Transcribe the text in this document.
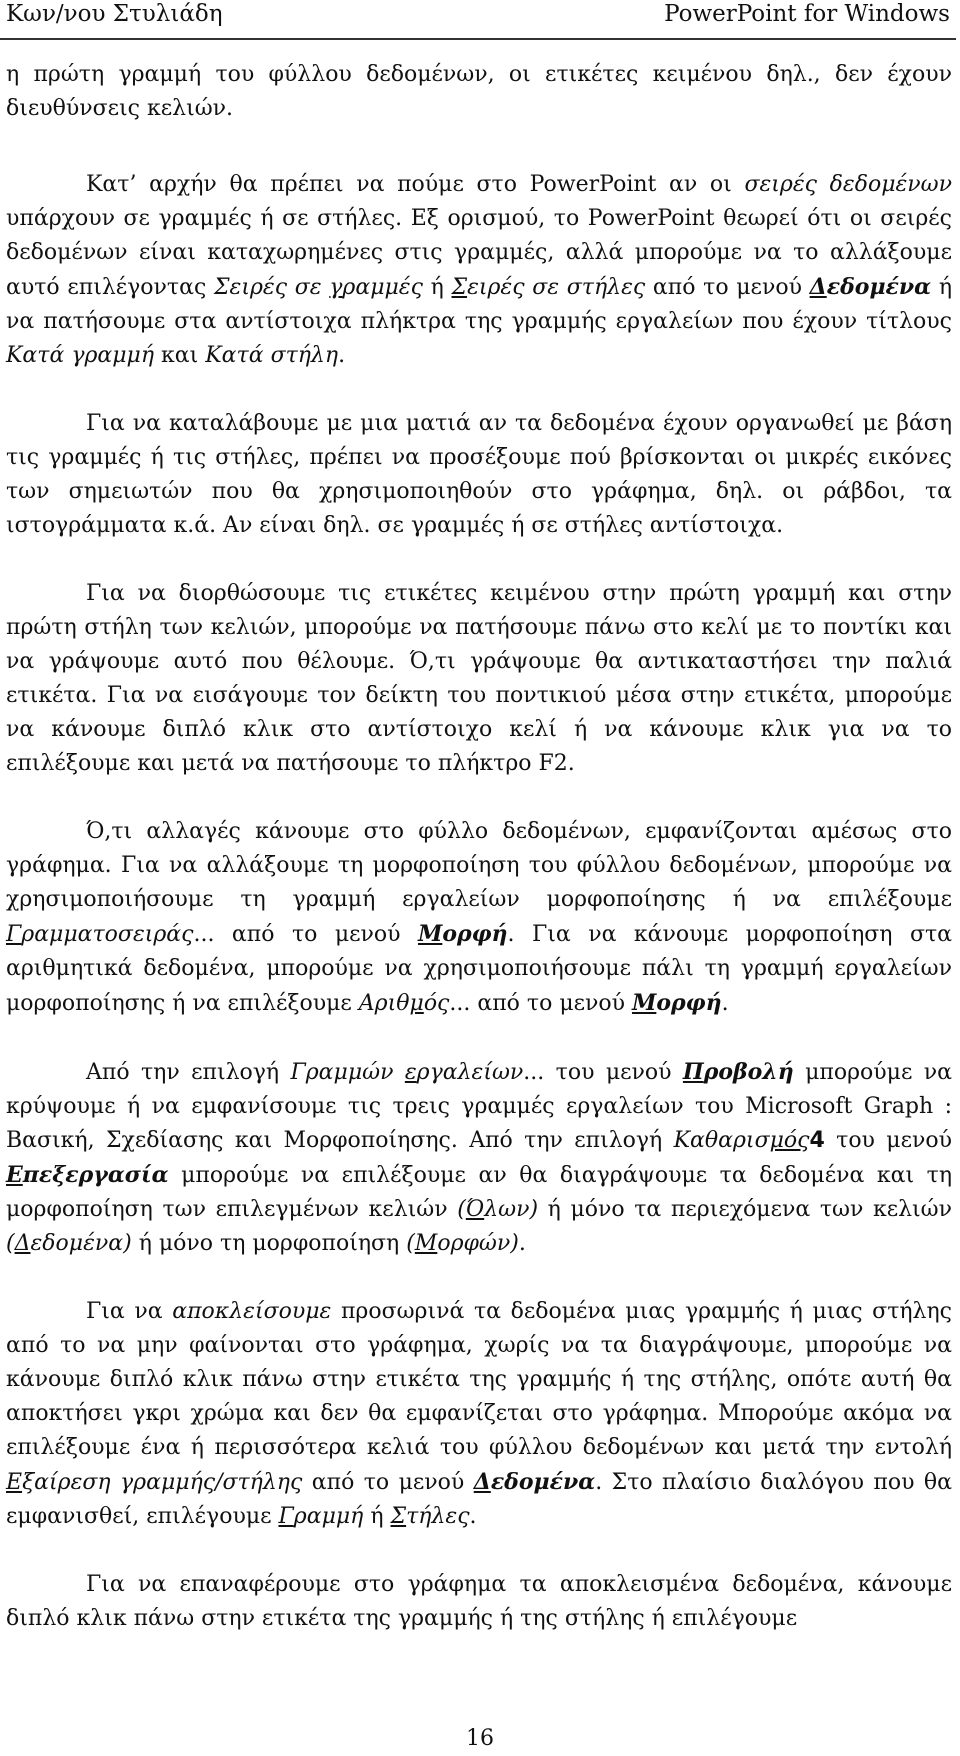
Κων/νου Στυλιάδη	PowerPoint for Windows

η πρώτη γραμμή του φύλλου δεδομένων, οι ετικέτες κειμένου δηλ., δεν έχουν διευθύνσεις κελιών.

Κατ’ αρχήν θα πρέπει να πούμε στο PowerPoint αν οι σειρές δεδομένων υπάρχουν σε γραμμές ή σε στήλες. Εξ ορισμού, το PowerPoint θεωρεί ότι οι σειρές δεδομένων είναι καταχωρημένες στις γραμμές, αλλά μπορούμε να το αλλάξουμε αυτό επιλέγοντας Σειρές σε γραμμές ή Σειρές σε στήλες από το μενού Δεδομένα ή να πατήσουμε στα αντίστοιχα πλήκτρα της γραμμής εργαλείων που έχουν τίτλους Κατά γραμμή και Κατά στήλη.

Για να καταλάβουμε με μια ματιά αν τα δεδομένα έχουν οργανωθεί με βάση τις γραμμές ή τις στήλες, πρέπει να προσέξουμε πού βρίσκονται οι μικρές εικόνες των σημειωτών που θα χρησιμοποιηθούν στο γράφημα, δηλ. οι ράβδοι, τα ιστογράμματα κ.ά. Αν είναι δηλ. σε γραμμές ή σε στήλες αντίστοιχα.

Για να διορθώσουμε τις ετικέτες κειμένου στην πρώτη γραμμή και στην πρώτη στήλη των κελιών, μπορούμε να πατήσουμε πάνω στο κελί με το ποντίκι και να γράψουμε αυτό που θέλουμε. Ό,τι γράψουμε θα αντικαταστήσει την παλιά ετικέτα. Για να εισάγουμε τον δείκτη του ποντικιού μέσα στην ετικέτα, μπορούμε να κάνουμε διπλό κλικ στο αντίστοιχο κελί ή να κάνουμε κλικ για να το επιλέξουμε και μετά να πατήσουμε το πλήκτρο F2.

Ό,τι αλλαγές κάνουμε στο φύλλο δεδομένων, εμφανίζονται αμέσως στο γράφημα. Για να αλλάξουμε τη μορφοποίηση του φύλλου δεδομένων, μπορούμε να χρησιμοποιήσουμε τη γραμμή εργαλείων μορφοποίησης ή να επιλέξουμε Γραμματοσειράς... από το μενού Μορφή. Για να κάνουμε μορφοποίηση στα αριθμητικά δεδομένα, μπορούμε να χρησιμοποιήσουμε πάλι τη γραμμή εργαλείων μορφοποίησης ή να επιλέξουμε Αριθμός... από το μενού Μορφή.

Από την επιλογή Γραμμών εργαλείων... του μενού Προβολή μπορούμε να κρύψουμε ή να εμφανίσουμε τις τρεις γραμμές εργαλείων του Microsoft Graph : Βασική, Σχεδίασης και Μορφοποίησης. Από την επιλογή Καθαρισμός4 του μενού Επεξεργασία μπορούμε να επιλέξουμε αν θα διαγράψουμε τα δεδομένα και τη μορφοποίηση των επιλεγμένων κελιών (Όλων) ή μόνο τα περιεχόμενα των κελιών (Δεδομένα) ή μόνο τη μορφοποίηση (Μορφών).

Για να αποκλείσουμε προσωρινά τα δεδομένα μιας γραμμής ή μιας στήλης από το να μην φαίνονται στο γράφημα, χωρίς να τα διαγράψουμε, μπορούμε να κάνουμε διπλό κλικ πάνω στην ετικέτα της γραμμής ή της στήλης, οπότε αυτή θα αποκτήσει γκρι χρώμα και δεν θα εμφανίζεται στο γράφημα. Μπορούμε ακόμα να επιλέξουμε ένα ή περισσότερα κελιά του φύλλου δεδομένων και μετά την εντολή Εξαίρεση γραμμής/στήλης από το μενού Δεδομένα. Στο πλαίσιο διαλόγου που θα εμφανισθεί, επιλέγουμε Γραμμή ή Στήλες.

Για να επαναφέρουμε στο γράφημα τα αποκλεισμένα δεδομένα, κάνουμε διπλό κλικ πάνω στην ετικέτα της γραμμής ή της στήλης ή επιλέγουμε

16
